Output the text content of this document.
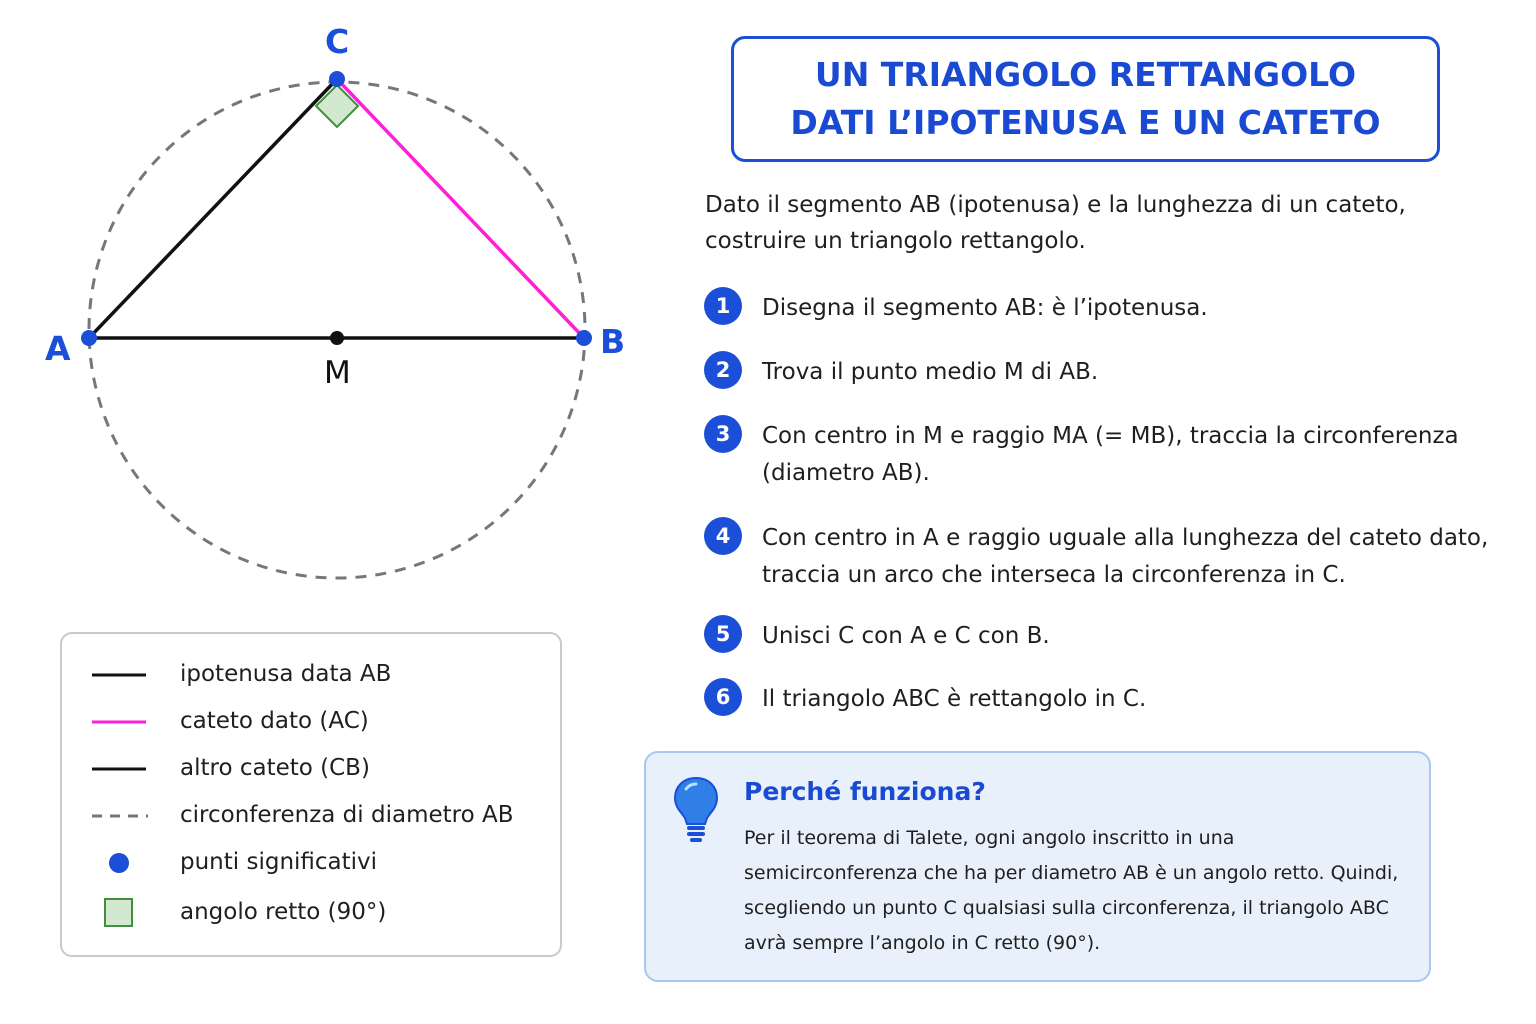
A	B
C
M
ipotenusa data AB
cateto dato (AC)
altro cateto (CB)
circonferenza di diametro AB
punti significativi
angolo retto (90°)
UN TRIANGOLO RETTANGOLO
DATI L’IPOTENUSA E UN CATETO
Dato il segmento AB (ipotenusa) e la lunghezza di un cateto, costruire un triangolo rettangolo.
1	Disegna il segmento AB: è l’ipotenusa.
2	Trova il punto medio M di AB.
3	Con centro in M e raggio MA (= MB), traccia la circonferenza (diametro AB).
4	Con centro in A e raggio uguale alla lunghezza del cateto dato, traccia un arco che interseca la circonferenza in C.
5	Unisci C con A e C con B.
6	Il triangolo ABC è rettangolo in C.
Perché funziona?
Per il teorema di Talete, ogni angolo inscritto in una semicirconferenza che ha per diametro AB è un angolo retto. Quindi, scegliendo un punto C qualsiasi sulla circonferenza, il triangolo ABC avrà sempre l’angolo in C retto (90°).
